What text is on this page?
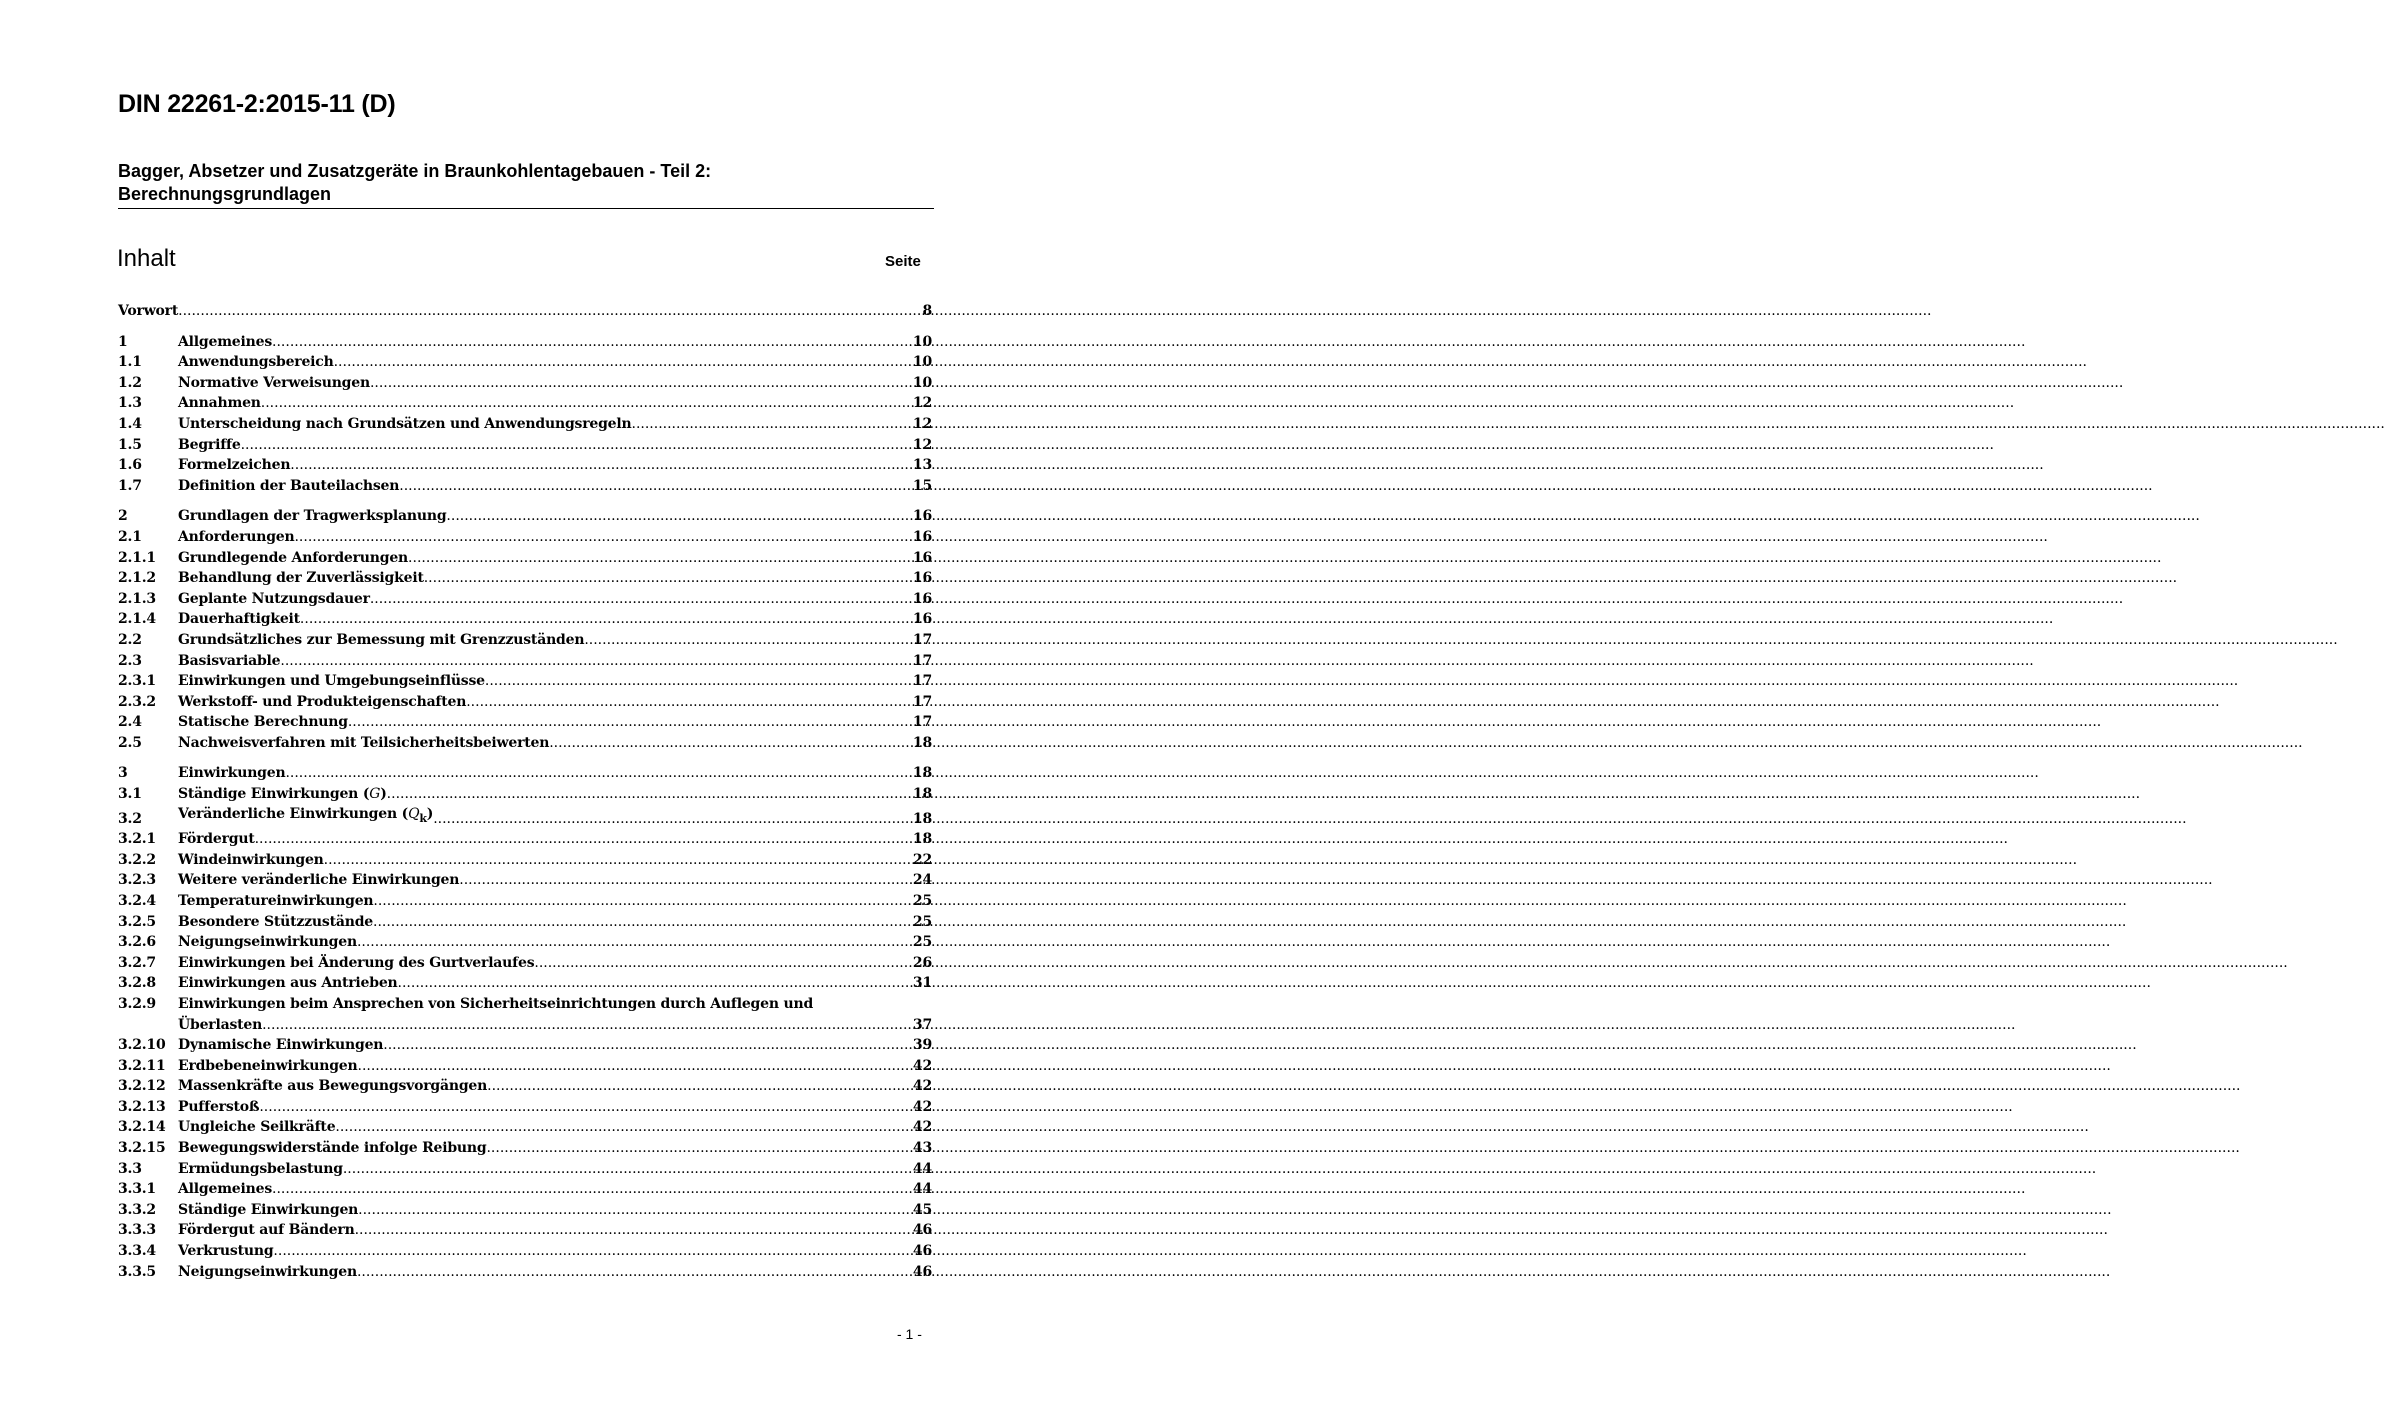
DIN 22261-2:2015-11 (D)
Bagger, Absetzer und Zusatzgeräte in Braunkohlentagebauen - Teil 2:
Berechnungsgrundlagen
Inhalt	Seite
Vorwort .....	8
1	Allgemeines .....	10
1.1	Anwendungsbereich .....	10
1.2	Normative Verweisungen .....	10
1.3	Annahmen .....	12
1.4	Unterscheidung nach Grundsätzen und Anwendungsregeln .....	12
1.5	Begriffe .....	12
1.6	Formelzeichen .....	13
1.7	Definition der Bauteilachsen .....	15
2	Grundlagen der Tragwerksplanung .....	16
2.1	Anforderungen .....	16
2.1.1	Grundlegende Anforderungen .....	16
2.1.2	Behandlung der Zuverlässigkeit .....	16
2.1.3	Geplante Nutzungsdauer .....	16
2.1.4	Dauerhaftigkeit .....	16
2.2	Grundsätzliches zur Bemessung mit Grenzzuständen .....	17
2.3	Basisvariable .....	17
2.3.1	Einwirkungen und Umgebungseinflüsse .....	17
2.3.2	Werkstoff- und Produkteigenschaften .....	17
2.4	Statische Berechnung .....	17
2.5	Nachweisverfahren mit Teilsicherheitsbeiwerten .....	18
3	Einwirkungen .....	18
3.1	Ständige Einwirkungen (G) .....	18
3.2	Veränderliche Einwirkungen $(Q_k)$ .....	18
3.2.1	Fördergut .....	18
3.2.2	Windeinwirkungen .....	22
3.2.3	Weitere veränderliche Einwirkungen .....	24
3.2.4	Temperatureinwirkungen .....	25
3.2.5	Besondere Stützzustände .....	25
3.2.6	Neigungseinwirkungen .....	25
3.2.7	Einwirkungen bei Änderung des Gurtverlaufes .....	26
3.2.8	Einwirkungen aus Antrieben .....	31
3.2.9	Einwirkungen beim Ansprechen von Sicherheitseinrichtungen durch Auflegen und
Überlasten .....	37
3.2.10 Dynamische Einwirkungen .....	39
3.2.11 Erdbebeneinwirkungen .....	42
3.2.12 Massenkräfte aus Bewegungsvorgängen .....	42
3.2.13 Pufferstoß .....	42
3.2.14 Ungleiche Seilkräfte .....	42
3.2.15 Bewegungswiderstände infolge Reibung .....	43
3.3	Ermüdungsbelastung .....	44
3.3.1	Allgemeines .....	44
3.3.2	Ständige Einwirkungen .....	45
3.3.3	Fördergut auf Bändern .....	46
3.3.4	Verkrustung .....	46
3.3.5	Neigungseinwirkungen .....	46
- 1 -
